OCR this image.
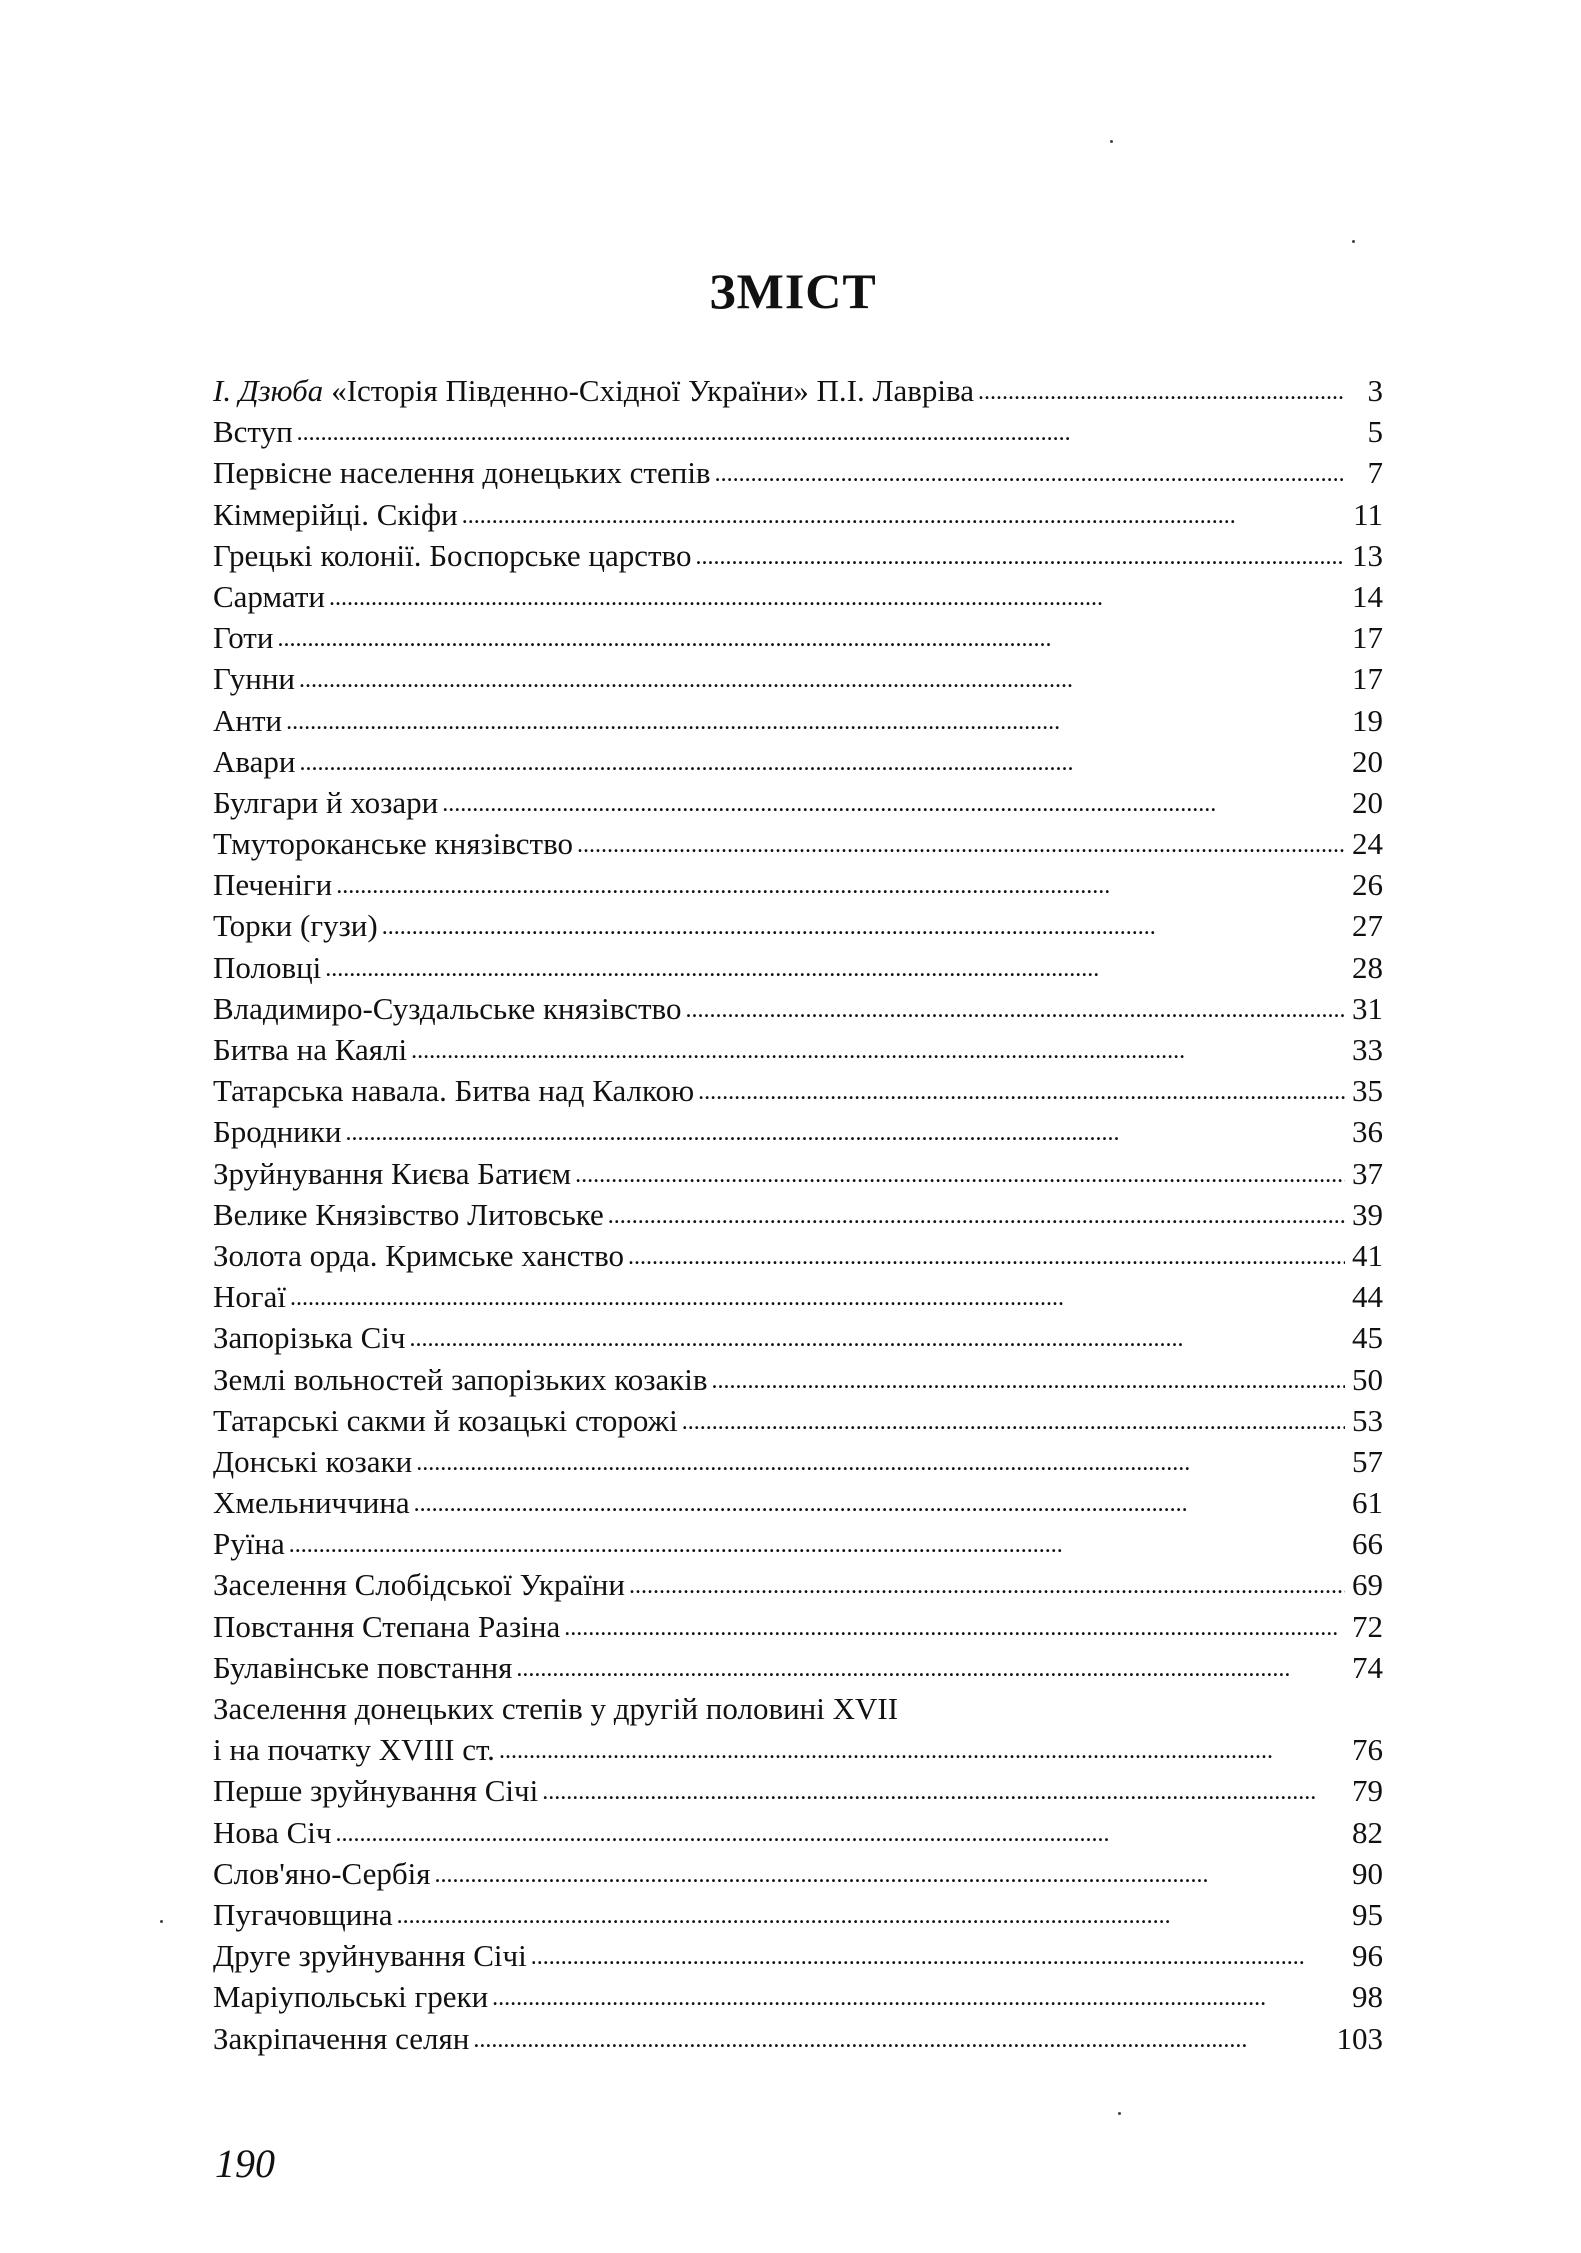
ЗМІСТ
І. Дзюба «Історія Південно-Східної України» П.І. Лавріва . . .	3
Вступ . . .	5
Первісне населення донецьких степів . . .	7
Кіммерійці. Скіфи . . .	11
Грецькі колонії. Боспорське царство . . .	13
Сармати . . .	14
Готи . . .	17
Гунни . . .	17
Анти . . .	19
Авари . . .	20
Булгари й хозари . . .	20
Тмутороканське князівство . . .	24
Печеніги . . .	26
Торки (гузи) . . .	27
Половці . . .	28
Владимиро-Суздальське князівство . . .	31
Битва на Каялі . . .	33
Татарська навала. Битва над Калкою . . .	35
Бродники . . .	36
Зруйнування Києва Батиєм . . .	37
Велике Князівство Литовське . . .	39
Золота орда. Кримське ханство . . .	41
Ногаї . . .	44
Запорізька Січ . . .	45
Землі вольностей запорізьких козаків . . .	50
Татарські сакми й козацькі сторожі . . .	53
Донські козаки . . .	57
Хмельниччина . . .	61
Руїна . . .	66
Заселення Слобідської України . . .	69
Повстання Степана Разіна . . .	72
Булавінське повстання . . .	74
Заселення донецьких степів у другій половині XVII
і на початку XVIII ст. . . .	76
Перше зруйнування Січі . . .	79
Нова Січ . . .	82
Слов'яно-Сербія . . .	90
Пугачовщина . . .	95
Друге зруйнування Січі . . .	96
Маріупольські греки . . .	98
Закріпачення селян . . .	103
190
